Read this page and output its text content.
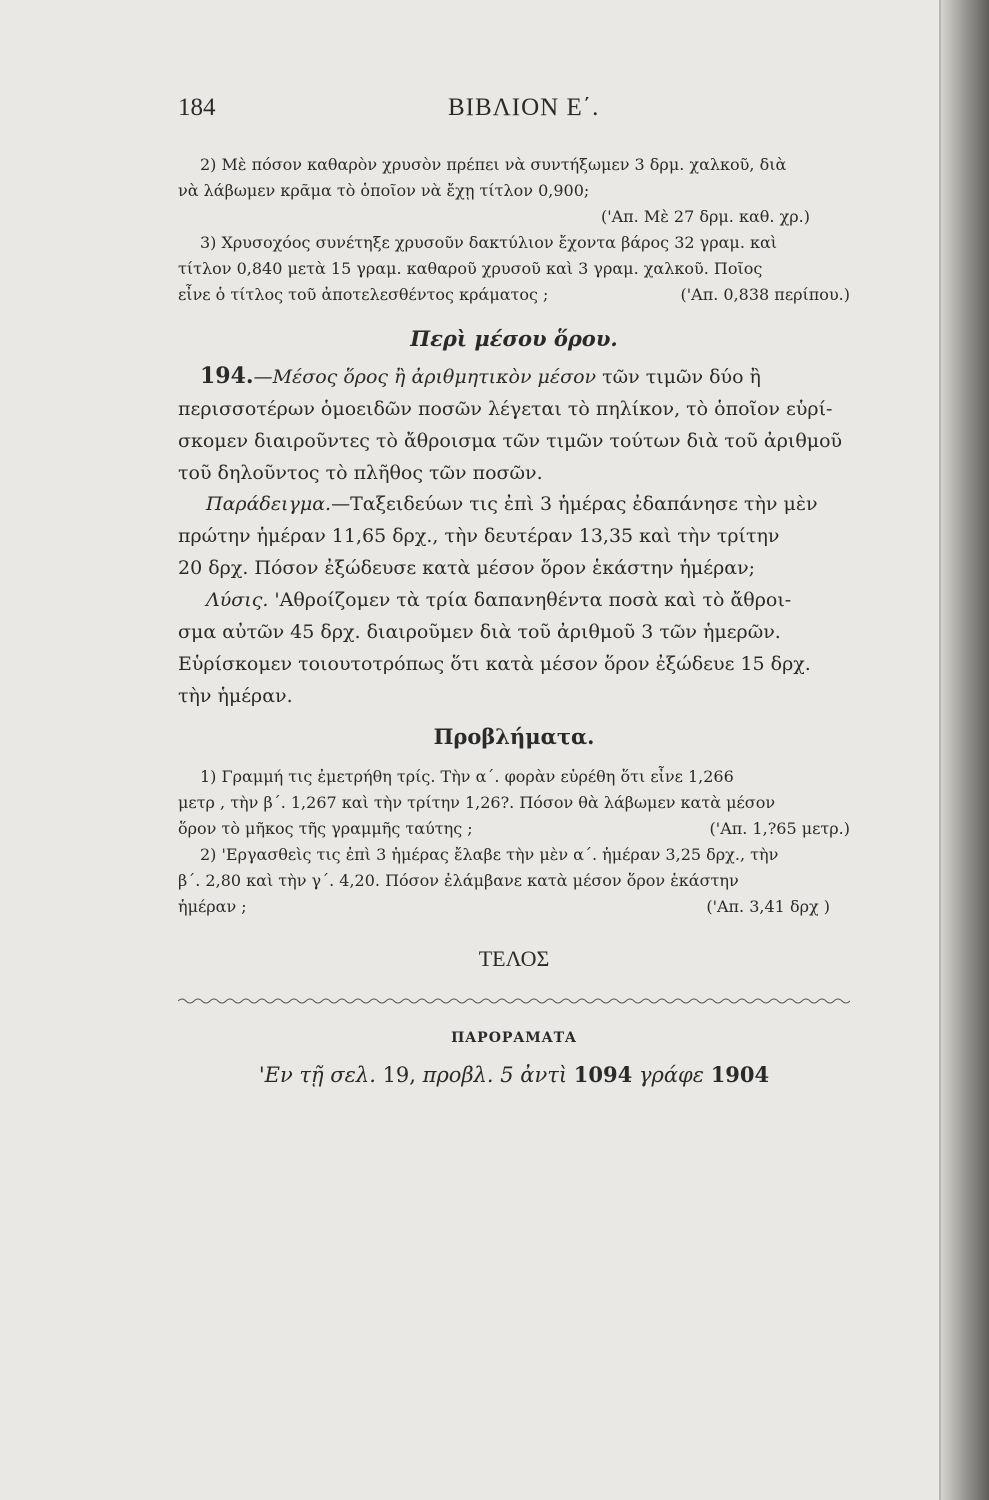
184	ΒΙΒΛΙΟΝ Ε΄.
2) Μὲ πόσον καθαρὸν χρυσὸν πρέπει νὰ συντήξωμεν 3 δρμ. χαλκοῦ, διὰ
νὰ λάβωμεν κρᾶμα τὸ ὁποῖον νὰ ἔχῃ τίτλον 0,900;
('Απ. Μὲ 27 δρμ. καθ. χρ.)
3) Χρυσοχόος συνέτηξε χρυσοῦν δακτύλιον ἔχοντα βάρος 32 γραμ. καὶ
τίτλον 0,840 μετὰ 15 γραμ. καθαροῦ χρυσοῦ καὶ 3 γραμ. χαλκοῦ. Ποῖος
εἶνε ὁ τίτλος τοῦ ἀποτελεσθέντος κράματος ;	('Απ. 0,838 περίπου.)
Περὶ μέσου ὅρου.
194.—Μέσος ὅρος ἢ ἀριθμητικὸν μέσον τῶν τιμῶν δύο ἢ
περισσοτέρων ὁμοειδῶν ποσῶν λέγεται τὸ πηλίκον, τὸ ὁποῖον εὑρί-
σκομεν διαιροῦντες τὸ ἄθροισμα τῶν τιμῶν τούτων διὰ τοῦ ἀριθμοῦ
τοῦ δηλοῦντος τὸ πλῆθος τῶν ποσῶν.
Παράδειγμα.—Ταξειδεύων τις ἐπὶ 3 ἡμέρας ἐδαπάνησε τὴν μὲν
πρώτην ἡμέραν 11,65 δρχ., τὴν δευτέραν 13,35 καὶ τὴν τρίτην
20 δρχ. Πόσον ἐξώδευσε κατὰ μέσον ὅρον ἑκάστην ἡμέραν;
Λύσις. 'Αθροίζομεν τὰ τρία δαπανηθέντα ποσὰ καὶ τὸ ἄθροι-
σμα αὐτῶν 45 δρχ. διαιροῦμεν διὰ τοῦ ἀριθμοῦ 3 τῶν ἡμερῶν.
Εὑρίσκομεν τοιουτοτρόπως ὅτι κατὰ μέσον ὅρον ἐξώδευε 15 δρχ.
τὴν ἡμέραν.
Προβλήματα.
1) Γραμμή τις ἐμετρήθη τρίς. Τὴν α΄. φορὰν εὑρέθη ὅτι εἶνε 1,266
μετρ , τὴν β΄. 1,267 καὶ τὴν τρίτην 1,26?. Πόσον θὰ λάβωμεν κατὰ μέσον
ὅρον τὸ μῆκος τῆς γραμμῆς ταύτης ;	('Απ. 1,?65 μετρ.)
2) 'Εργασθεὶς τις ἐπὶ 3 ἡμέρας ἔλαβε τὴν μὲν α΄. ἡμέραν 3,25 δρχ., τὴν
β΄. 2,80 καὶ τὴν γ΄. 4,20. Πόσον ἐλάμβανε κατὰ μέσον ὅρον ἑκάστην
ἡμέραν ;	('Απ. 3,41 δρχ )
ΤΕΛΟΣ
ΠΑΡΟΡΑΜΑΤΑ
'Εν τῇ σελ. 19, προβλ. 5 ἀντὶ 1094 γράφε 1904
